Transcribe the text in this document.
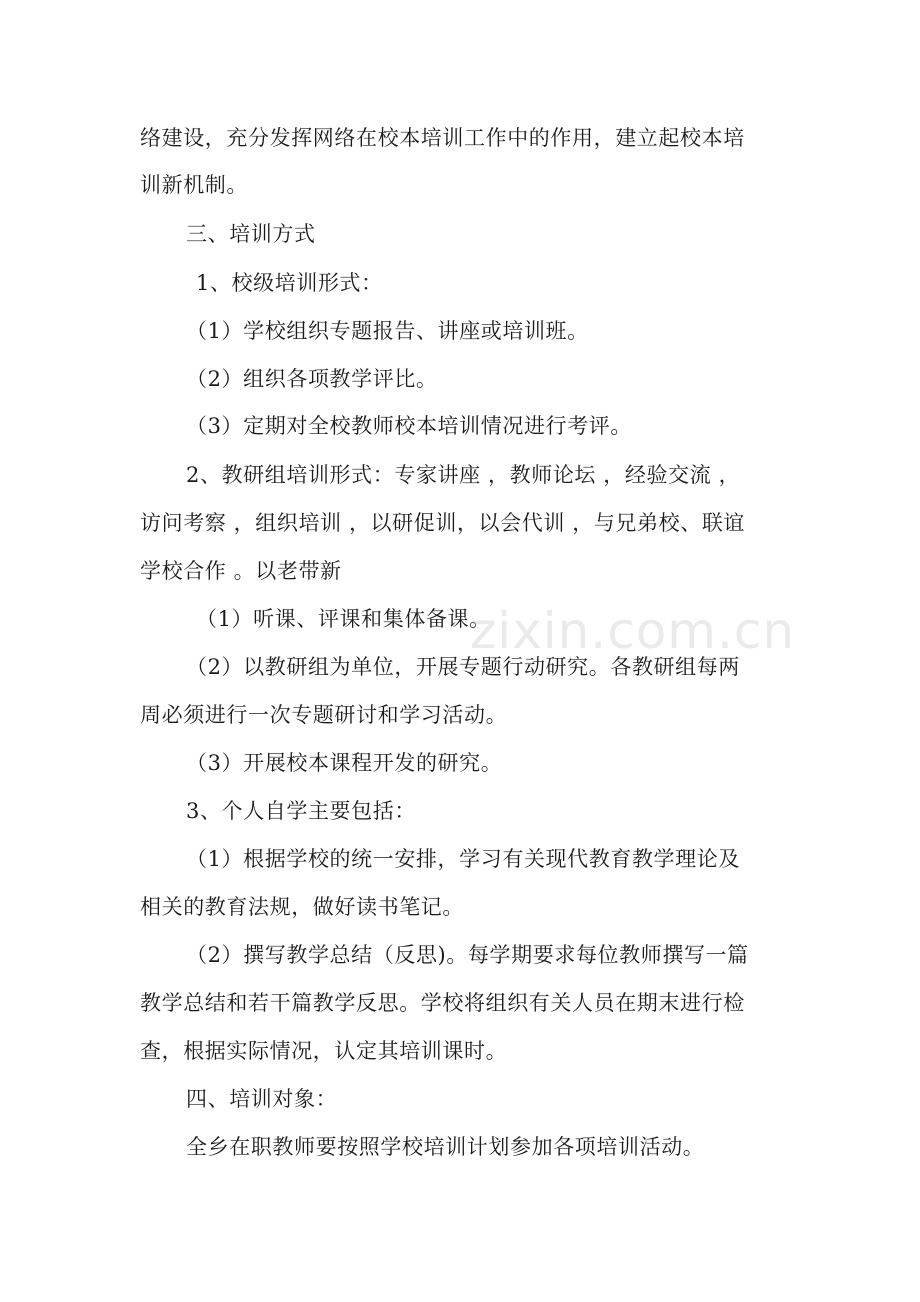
络建设，充分发挥网络在校本培训工作中的作用，建立起校本培
训新机制。
三、培训方式
1、校级培训形式：
（1）学校组织专题报告、讲座或培训班。
（2）组织各项教学评比。
（3）定期对全校教师校本培训情况进行考评。
2、教研组培训形式：专家讲座 ，教师论坛 ，经验交流 ，
访问考察 ，组织培训 ，以研促训，以会代训 ，与兄弟校、联谊
学校合作 。以老带新
（1）听课、评课和集体备课。
（2）以教研组为单位，开展专题行动研究。各教研组每两
周必须进行一次专题研讨和学习活动。
（3）开展校本课程开发的研究。
3、个人自学主要包括：
（1）根据学校的统一安排，学习有关现代教育教学理论及
相关的教育法规，做好读书笔记。
（2）撰写教学总结（反思)。每学期要求每位教师撰写一篇
教学总结和若干篇教学反思。学校将组织有关人员在期末进行检
查，根据实际情况，认定其培训课时。
四、培训对象：
全乡在职教师要按照学校培训计划参加各项培训活动。
zixin.com.cn
